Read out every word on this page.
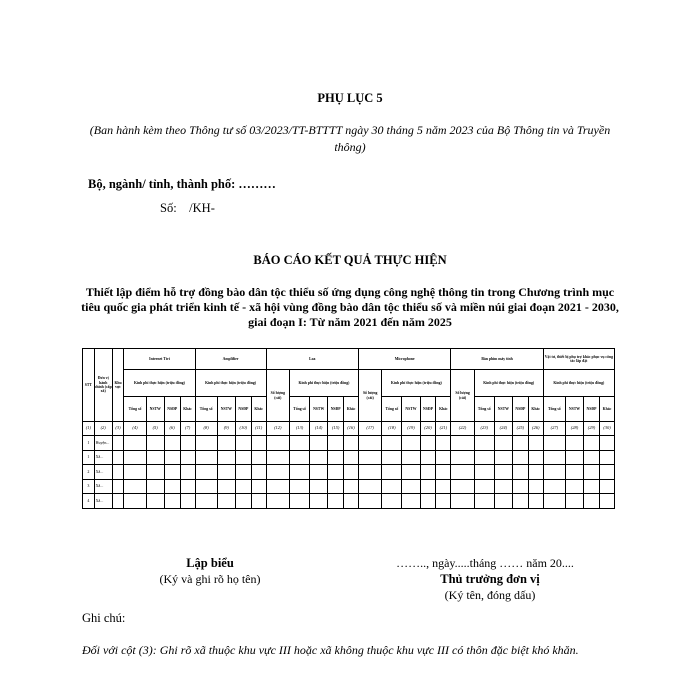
PHỤ LỤC 5
(Ban hành kèm theo Thông tư số 03/2023/TT-BTTTT ngày 30 tháng 5 năm 2023 của Bộ Thông tin và Truyền thông)
Bộ, ngành/ tỉnh, thành phố: ………
Số:    /KH-
BÁO CÁO KẾT QUẢ THỰC HIỆN
Thiết lập điểm hỗ trợ đồng bào dân tộc thiểu số ứng dụng công nghệ thông tin trong Chương trình mục tiêu quốc gia phát triển kinh tế - xã hội vùng đồng bào dân tộc thiểu số và miền núi giai đoạn 2021 - 2030, giai đoạn I: Từ năm 2021 đến năm 2025
STT	Đơn vị hành chính (cấp xã)	Khu vực	Internet Tivi				Amplifier				Loa					Microphone					Bàn phím máy tính					Vật tư, thiết bị phụ trợ khác phục vụ công tác lắp đặt			
			Kinh phí thực hiện (triệu đồng)				Kinh phí thực hiện (triệu đồng)				Số lượng (cái)	Kinh phí thực hiện (triệu đồng)				Số lượng (cái)	Kinh phí thực hiện (triệu đồng)				Số lượng (cái)	Kinh phí thực hiện (triệu đồng)				Kinh phí thực hiện (triệu đồng)			
			Tổng số	NSTW	NSĐP	Khác	Tổng số	NSTW	NSĐP	Khác		Tổng số	NSTW	NSĐP	Khác		Tổng số	NSTW	NSĐP	Khác		Tổng số	NSTW	NSĐP	Khác	Tổng số	NSTW	NSĐP	Khác
(1)	(2)	(3)	(4)	(5)	(6)	(7)	(8)	(9)	(10)	(11)	(12)	(13)	(14)	(15)	(16)	(17)	(18)	(19)	(20)	(21)	(22)	(23)	(24)	(25)	(26)	(27)	(28)	(29)	(30)
I	Huyện...																												
1	Xã...																												
2	Xã...																												
3	Xã...																												
4	Xã...																												
Lập biểu
(Ký và ghi rõ họ tên)
…….., ngày.....tháng …… năm 20....
Thủ trưởng đơn vị
(Ký tên, đóng dấu)
Ghi chú:
Đối với cột (3): Ghi rõ xã thuộc khu vực III hoặc xã không thuộc khu vực III có thôn đặc biệt khó khăn.
